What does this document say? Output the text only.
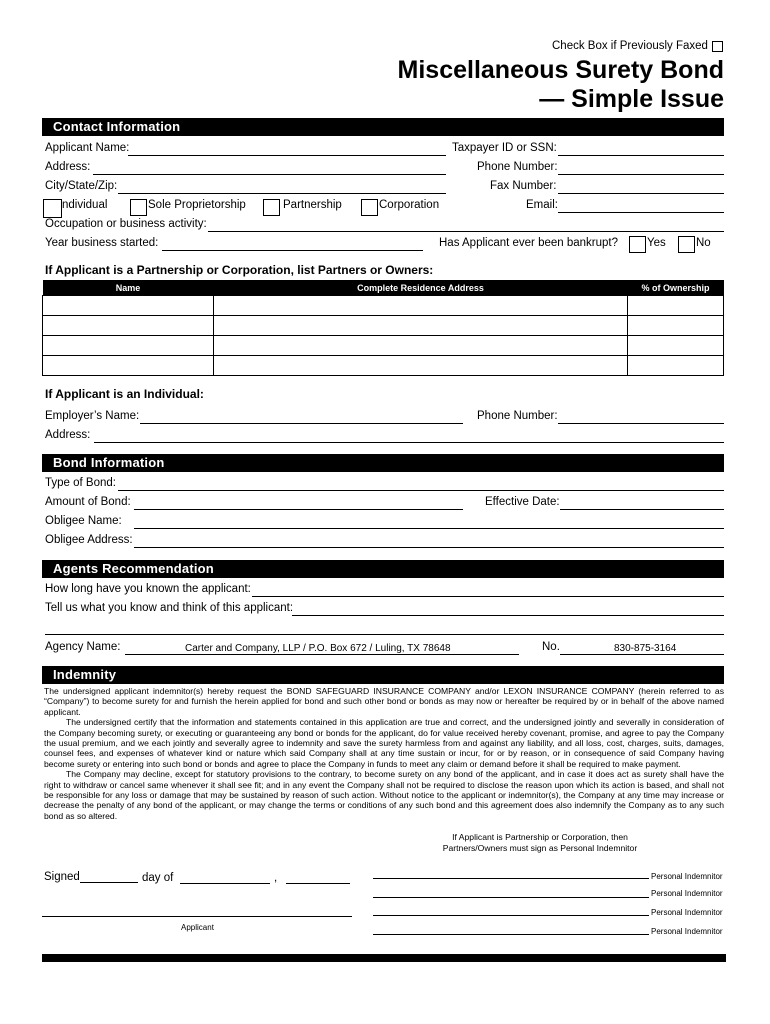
Check Box if Previously Faxed
Miscellaneous Surety Bond
— Simple Issue
Contact Information
Applicant Name:	Taxpayer ID or SSN:
Address:	Phone Number:
City/State/Zip:	Fax Number:
ndividual	Sole Proprietorship	Partnership	Corporation	Email:
Occupation or business activity:
Year business started:	Has Applicant ever been bankrupt?	Yes	No
If Applicant is a Partnership or Corporation, list Partners or Owners:
Name	Complete Residence Address	% of Ownership

If Applicant is an Individual:
Employer’s Name:	Phone Number:
Address:
Bond Information
Type of Bond:
Amount of Bond:	Effective Date:
Obligee Name:
Obligee Address:
Agents Recommendation
How long have you known the applicant:
Tell us what you know and think of this applicant:
Agency Name:	Carter and Company, LLP / P.O. Box 672 / Luling, TX 78648	No.	830-875-3164
Indemnity

The undersigned applicant indemnitor(s) hereby request the BOND SAFEGUARD INSURANCE COMPANY and/or LEXON INSURANCE COMPANY (herein referred to as “Company”) to become surety for and furnish the herein applied for bond and such other bond or bonds as may now or hereafter be required by or in behalf of the above named applicant.

The undersigned certify that the information and statements contained in this application are true and correct, and the undersigned jointly and severally in consideration of the Company becoming surety, or executing or guaranteeing any bond or bonds for the applicant, do for value received hereby covenant, promise, and agree to pay the Company the usual premium, and we each jointly and severally agree to indemnity and save the surety harmless from and against any liability, and all loss, cost, charges, suits, damages, counsel fees, and expenses of whatever kind or nature which said Company shall at any time sustain or incur, for or by reason, or in consequence of said Company having become surety or entering into such bond or bonds and agree to place the Company in funds to meet any claim or demand before it shall be required to make payment.

The Company may decline, except for statutory provisions to the contrary, to become surety on any bond of the applicant, and in case it does act as surety shall have the right to withdraw or cancel same whenever it shall see fit; and in any event the Company shall not be required to disclose the reason upon which its action is based, and shall not be responsible for any loss or damage that may be sustained by reason of such action. Without notice to the applicant or indemnitor(s), the Company at any time may increase or decrease the penalty of any bond of the applicant, or may change the terms or conditions of any such bond and this agreement does also indemnify the Company as to any such bond as so altered.

If Applicant is Partnership or Corporation, then
Partners/Owners must sign as Personal Indemnitor
Signed	day of	,
Applicant
Personal Indemnitor
Personal Indemnitor
Personal Indemnitor
Personal Indemnitor
